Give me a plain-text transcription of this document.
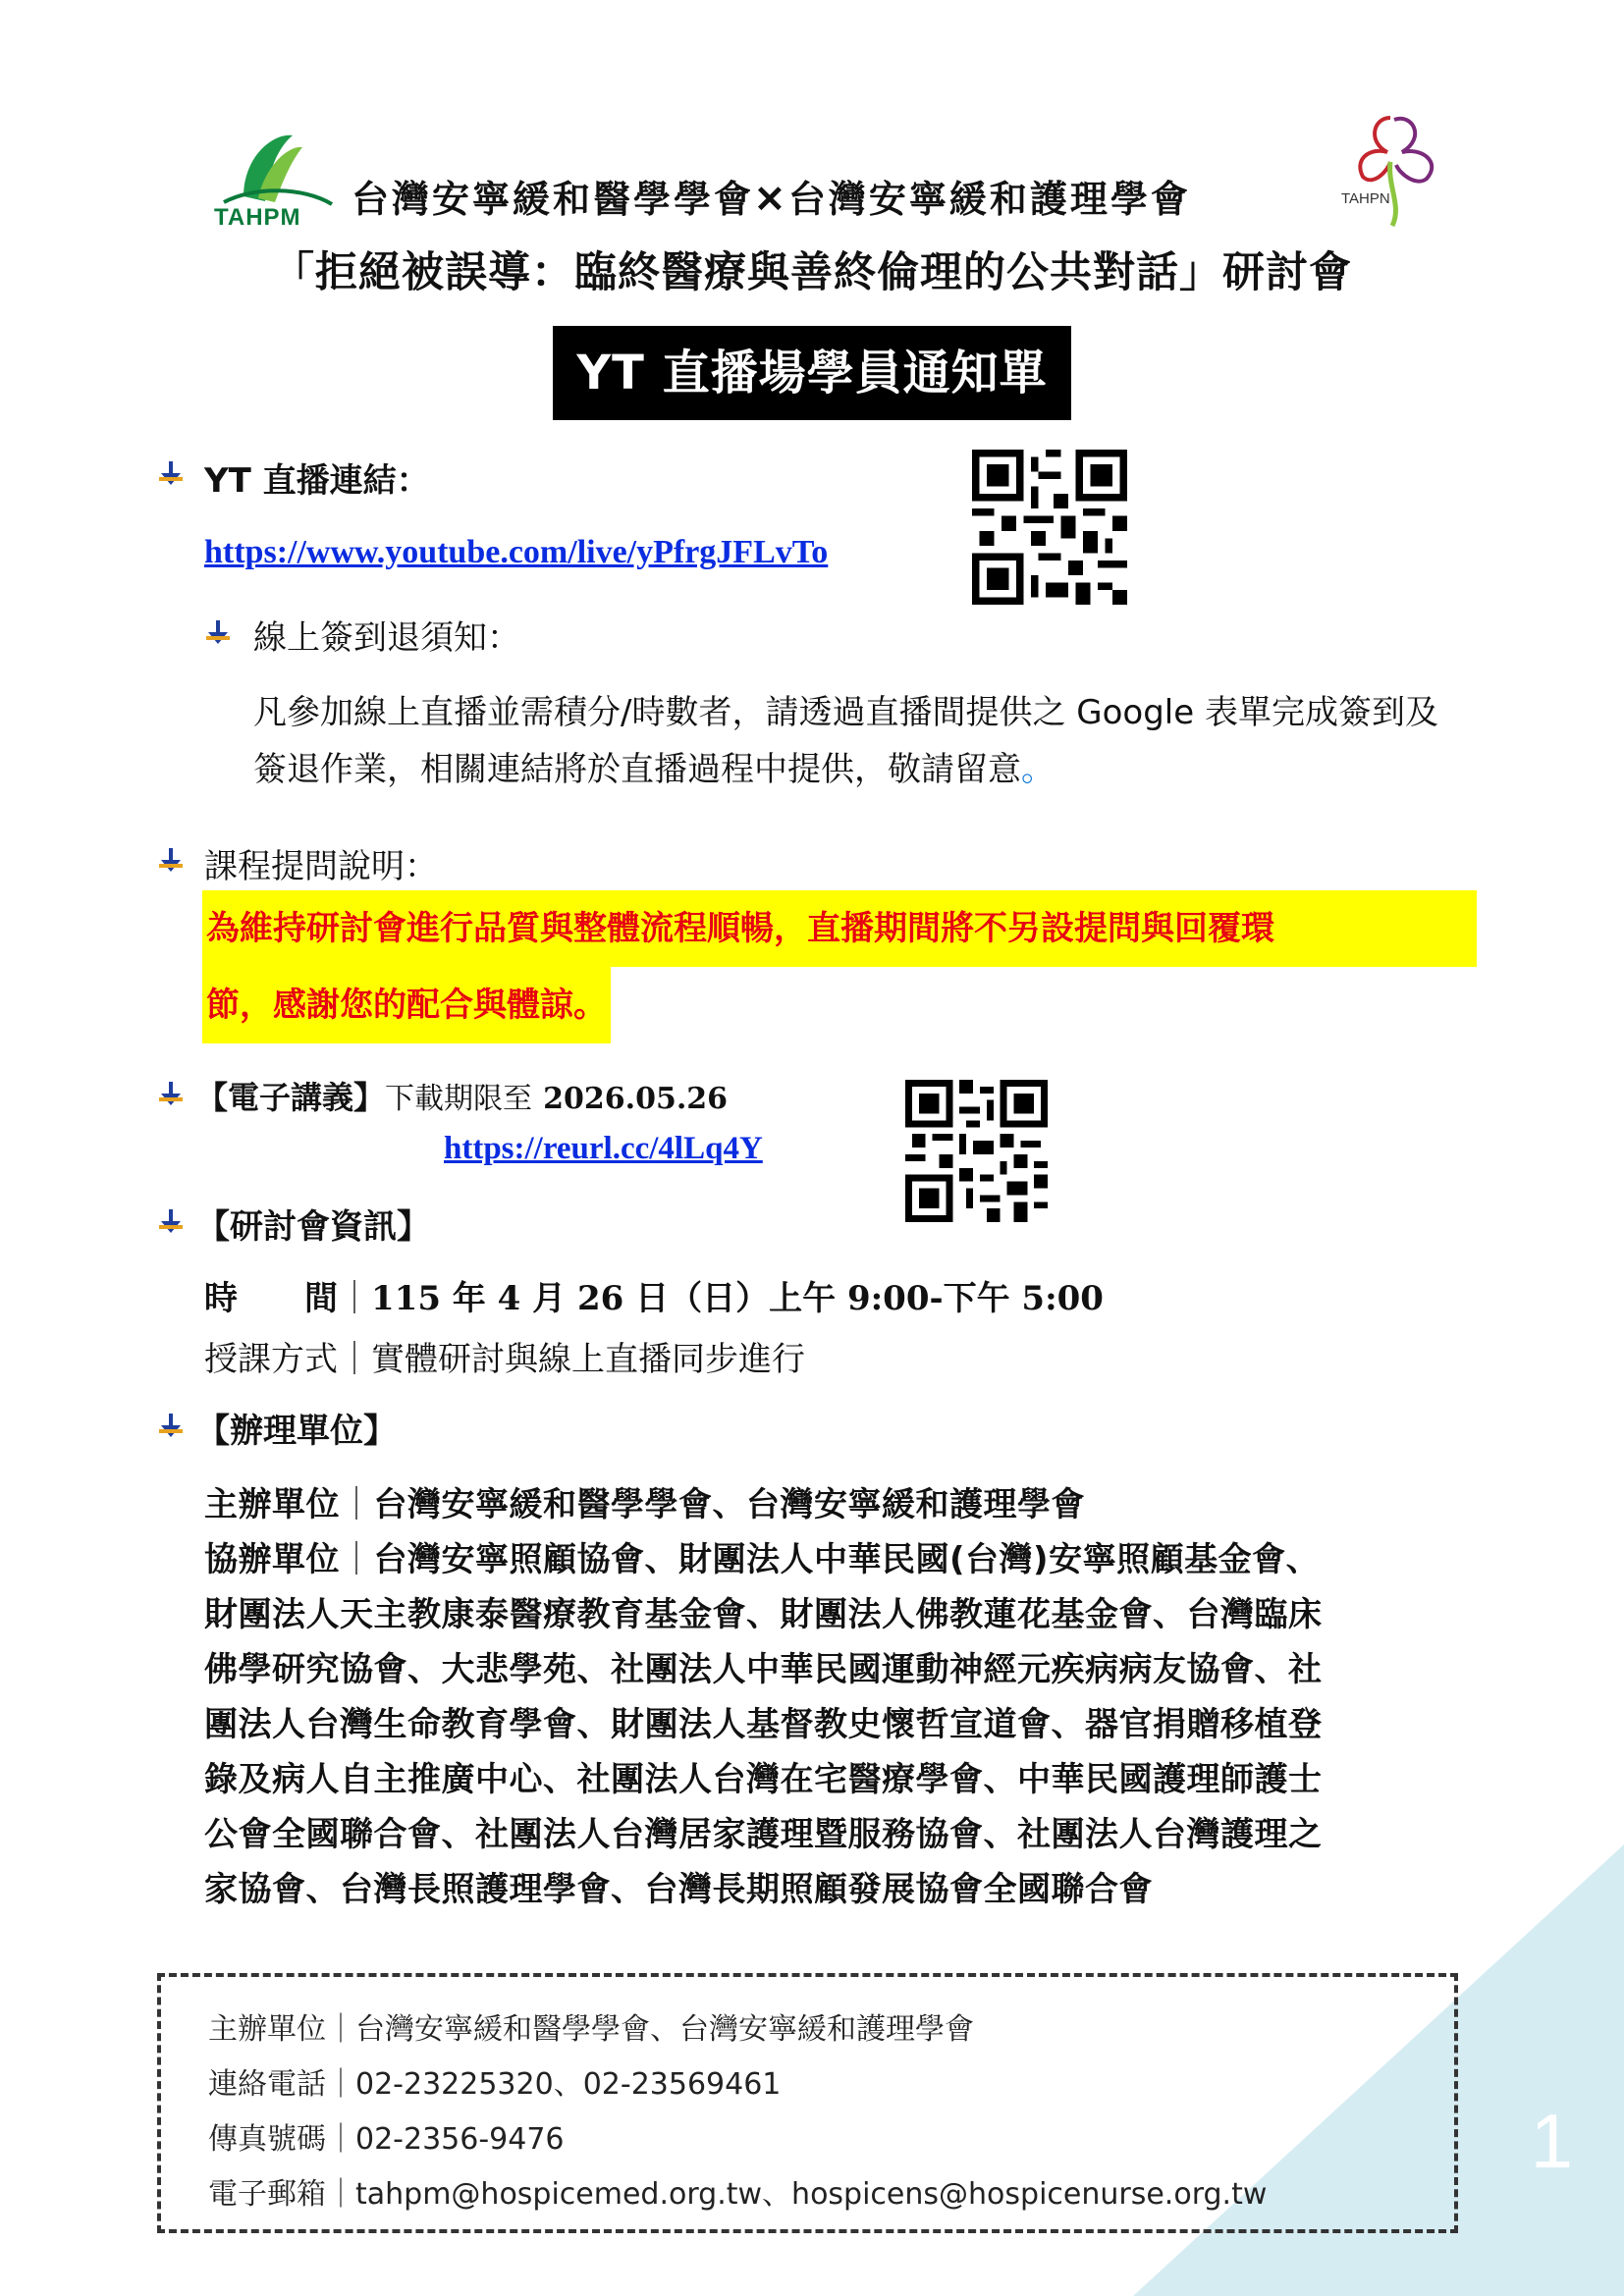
1
TAHPM 台灣安寧緩和醫學學會✕台灣安寧緩和護理學會	TAHPN
「拒絕被誤導：臨終醫療與善終倫理的公共對話」研討會
YT 直播場學員通知單
YT 直播連結：
https://www.youtube.com/live/yPfrgJFLvTo
線上簽到退須知：
凡參加線上直播並需積分/時數者，請透過直播間提供之 Google 表單完成簽到及
簽退作業，相關連結將於直播過程中提供，敬請留意。
課程提問說明：
為維持研討會進行品質與整體流程順暢，直播期間將不另設提問與回覆環
節，感謝您的配合與體諒。
【電子講義】下載期限至 2026.05.26
https://reurl.cc/4lLq4Y
【研討會資訊】
時　　間｜115 年 4 月 26 日（日）上午 9:00-下午 5:00
授課方式｜實體研討與線上直播同步進行
【辦理單位】
主辦單位｜台灣安寧緩和醫學學會、台灣安寧緩和護理學會
協辦單位｜台灣安寧照顧協會、財團法人中華民國(台灣)安寧照顧基金會、
財團法人天主教康泰醫療教育基金會、財團法人佛教蓮花基金會、台灣臨床
佛學研究協會、大悲學苑、社團法人中華民國運動神經元疾病病友協會、社
團法人台灣生命教育學會、財團法人基督教史懷哲宣道會、器官捐贈移植登
錄及病人自主推廣中心、社團法人台灣在宅醫療學會、中華民國護理師護士
公會全國聯合會、社團法人台灣居家護理暨服務協會、社團法人台灣護理之
家協會、台灣長照護理學會、台灣長期照顧發展協會全國聯合會
主辦單位｜台灣安寧緩和醫學學會、台灣安寧緩和護理學會
連絡電話｜02-23225320、02-23569461
傳真號碼｜02-2356-9476
電子郵箱｜tahpm@hospicemed.org.tw、hospicens@hospicenurse.org.tw
